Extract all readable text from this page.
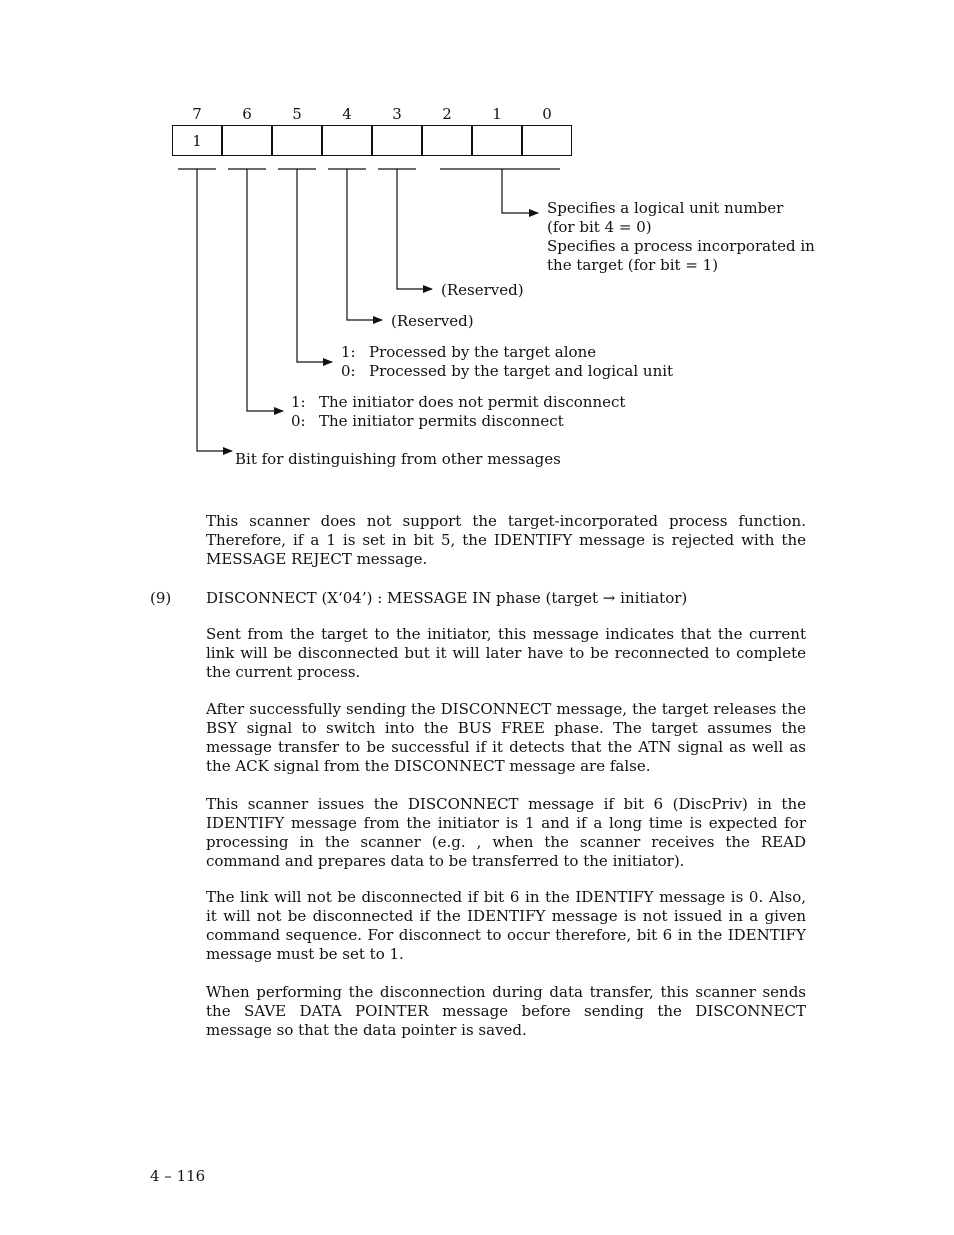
7	6	5	4	3	2	1	0
1
Specifies a logical unit number
(for bit 4 = 0)
Specifies a process incorporated in
the target (for bit = 1)
(Reserved)
(Reserved)
1: Processed by the target alone
0: Processed by the target and logical unit
1: The initiator does not permit disconnect
0: The initiator permits disconnect
Bit for distinguishing from other messages
This scanner does not support the target-incorporated process function. Therefore, if a 1 is set in bit 5, the IDENTIFY message is rejected with the MESSAGE REJECT message.
(9) DISCONNECT (X‘04’) : MESSAGE IN phase (target → initiator)
Sent from the target to the initiator, this message indicates that the current link will be disconnected but it will later have to be reconnected to complete the current process.
After successfully sending the DISCONNECT message, the target releases the BSY signal to switch into the BUS FREE phase. The target assumes the message transfer to be successful if it detects that the ATN signal as well as the ACK signal from the DISCONNECT message are false.
This scanner issues the DISCONNECT message if bit 6 (DiscPriv) in the IDENTIFY message from the initiator is 1 and if a long time is expected for processing in the scanner (e.g. , when the scanner receives the READ command and prepares data to be transferred to the initiator).
The link will not be disconnected if bit 6 in the IDENTIFY message is 0. Also, it will not be disconnected if the IDENTIFY message is not issued in a given command sequence. For disconnect to occur therefore, bit 6 in the IDENTIFY message must be set to 1.
When performing the disconnection during data transfer, this scanner sends the SAVE DATA POINTER message before sending the DISCONNECT message so that the data pointer is saved.
4 – 116
